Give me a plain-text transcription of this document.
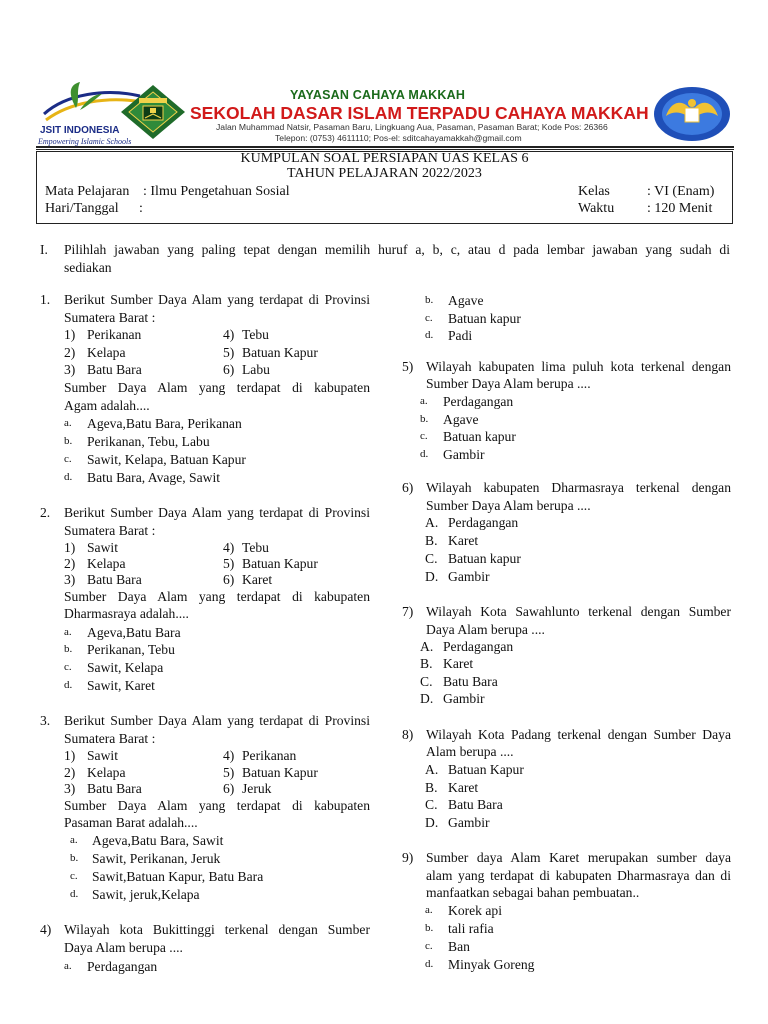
JSIT INDONESIA
Empowering Islamic Schools
YAYASAN CAHAYA MAKKAH
SEKOLAH DASAR ISLAM TERPADU CAHAYA MAKKAH
Jalan Muhammad Natsir, Pasaman Baru, Lingkuang Aua, Pasaman, Pasaman Barat; Kode Pos: 26366
Telepon: (0753) 4611110; Pos-el: sditcahayamakkah@gmail.com
KUMPULAN SOAL PERSIAPAN UAS KELAS 6
TAHUN PELAJARAN 2022/2023
Mata Pelajaran : Ilmu Pengetahuan Sosial
Hari/Tanggal :
Kelas	: VI (Enam)
Waktu : 120 Menit
I. Pilihlah jawaban yang paling tepat dengan memilih huruf a, b, c, atau d pada lembar jawaban yang sudah di
sediakan
1. Berikut Sumber Daya Alam yang terdapat di Provinsi
Sumatera Barat :
1) Perikanan
2) Kelapa
3) Batu Bara
4) Tebu
5) Batuan Kapur
6) Labu
Sumber Daya Alam yang terdapat di kabupaten
Agam adalah....
a. Ageva,Batu Bara, Perikanan
b. Perikanan, Tebu, Labu
c. Sawit, Kelapa, Batuan Kapur
d. Batu Bara, Avage, Sawit
2. Berikut Sumber Daya Alam yang terdapat di Provinsi
Sumatera Barat :
1) Sawit
2) Kelapa
3) Batu Bara
4) Tebu
5) Batuan Kapur
6) Karet
Sumber Daya Alam yang terdapat di kabupaten
Dharmasraya adalah....
a. Ageva,Batu Bara
b. Perikanan, Tebu
c. Sawit, Kelapa
d. Sawit, Karet
3. Berikut Sumber Daya Alam yang terdapat di Provinsi
Sumatera Barat :
1) Sawit
2) Kelapa
3) Batu Bara
4) Perikanan
5) Batuan Kapur
6) Jeruk
Sumber Daya Alam yang terdapat di kabupaten
Pasaman Barat adalah....
a. Ageva,Batu Bara, Sawit
b. Sawit, Perikanan, Jeruk
c. Sawit,Batuan Kapur, Batu Bara
d. Sawit, jeruk,Kelapa
4) Wilayah kota Bukittinggi terkenal dengan Sumber
Daya Alam berupa ....
a. Perdagangan
b. Agave
c. Batuan kapur
d. Padi
5) Wilayah kabupaten lima puluh kota terkenal dengan
Sumber Daya Alam berupa ....
a. Perdagangan
b. Agave
c. Batuan kapur
d. Gambir
6) Wilayah kabupaten Dharmasraya terkenal dengan
Sumber Daya Alam berupa ....
A. Perdagangan
B. Karet
C. Batuan kapur
D. Gambir
7) Wilayah Kota Sawahlunto terkenal dengan Sumber
Daya Alam berupa ....
A. Perdagangan
B. Karet
C. Batu Bara
D. Gambir
8) Wilayah Kota Padang terkenal dengan Sumber Daya
Alam berupa ....
A. Batuan Kapur
B. Karet
C. Batu Bara
D. Gambir
9) Sumber daya Alam Karet merupakan sumber daya
alam yang terdapat di kabupaten Dharmasraya dan di
manfaatkan sebagai bahan pembuatan..
a. Korek api
b. tali rafia
c. Ban
d. Minyak Goreng
